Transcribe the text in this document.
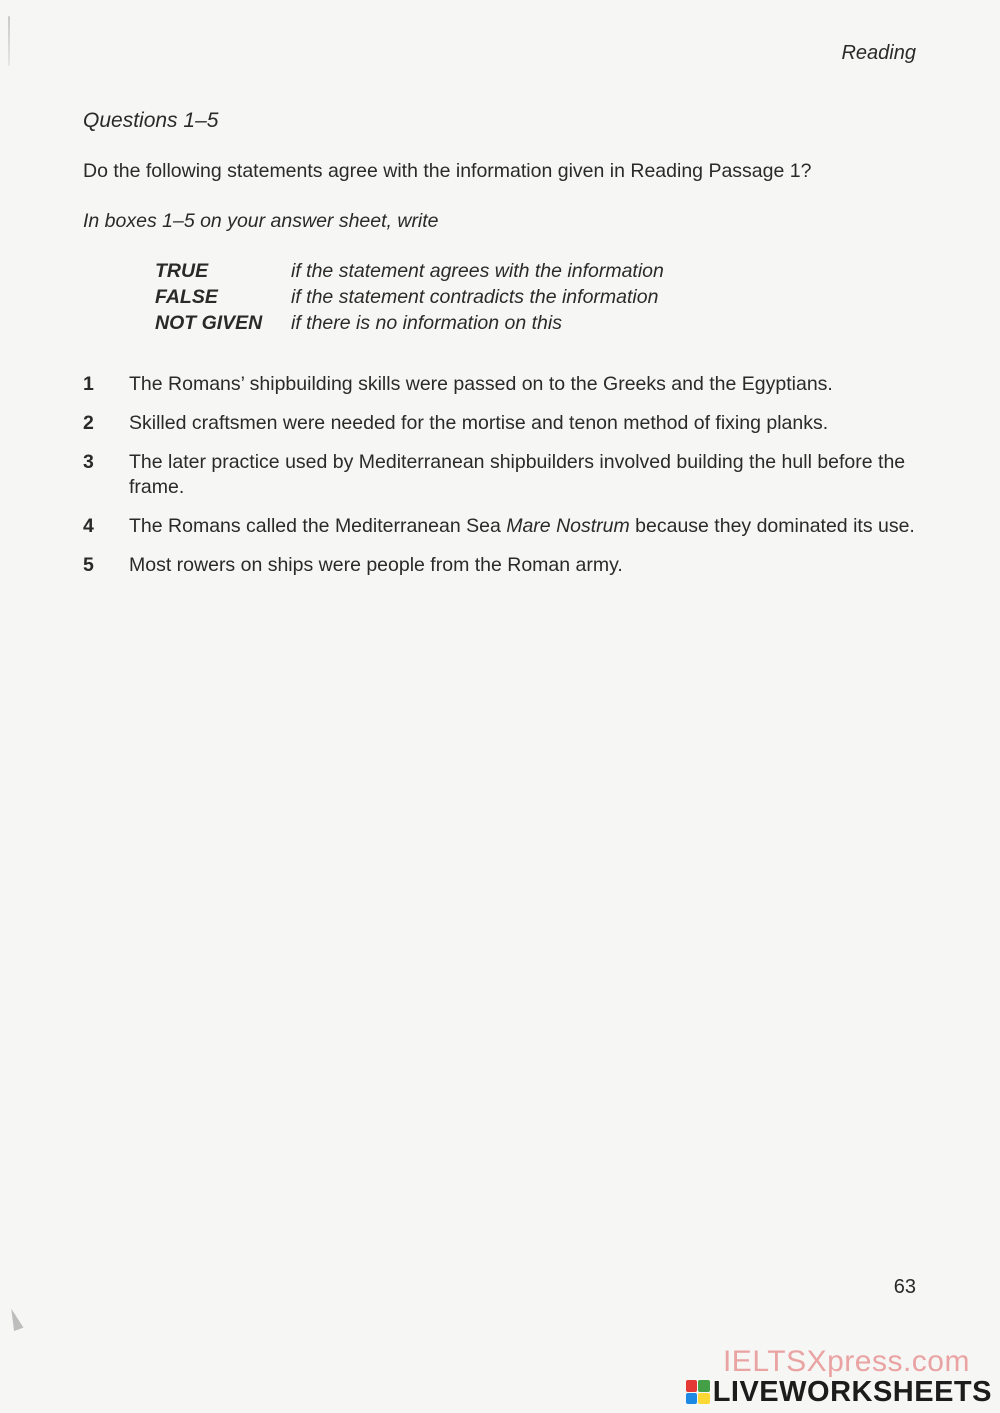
Reading
Questions 1–5
Do the following statements agree with the information given in Reading Passage 1?
In boxes 1–5 on your answer sheet, write
TRUE	if the statement agrees with the information
FALSE	if the statement contradicts the information
NOT GIVEN if there is no information on this
1 The Romans’ shipbuilding skills were passed on to the Greeks and the Egyptians.
2 Skilled craftsmen were needed for the mortise and tenon method of fixing planks.
3 The later practice used by Mediterranean shipbuilders involved building the hull before the frame.
4 The Romans called the Mediterranean Sea Mare Nostrum because they dominated its use.
5 Most rowers on ships were people from the Roman army.
63
IELTSXpress.com
LIVEWORKSHEETS
